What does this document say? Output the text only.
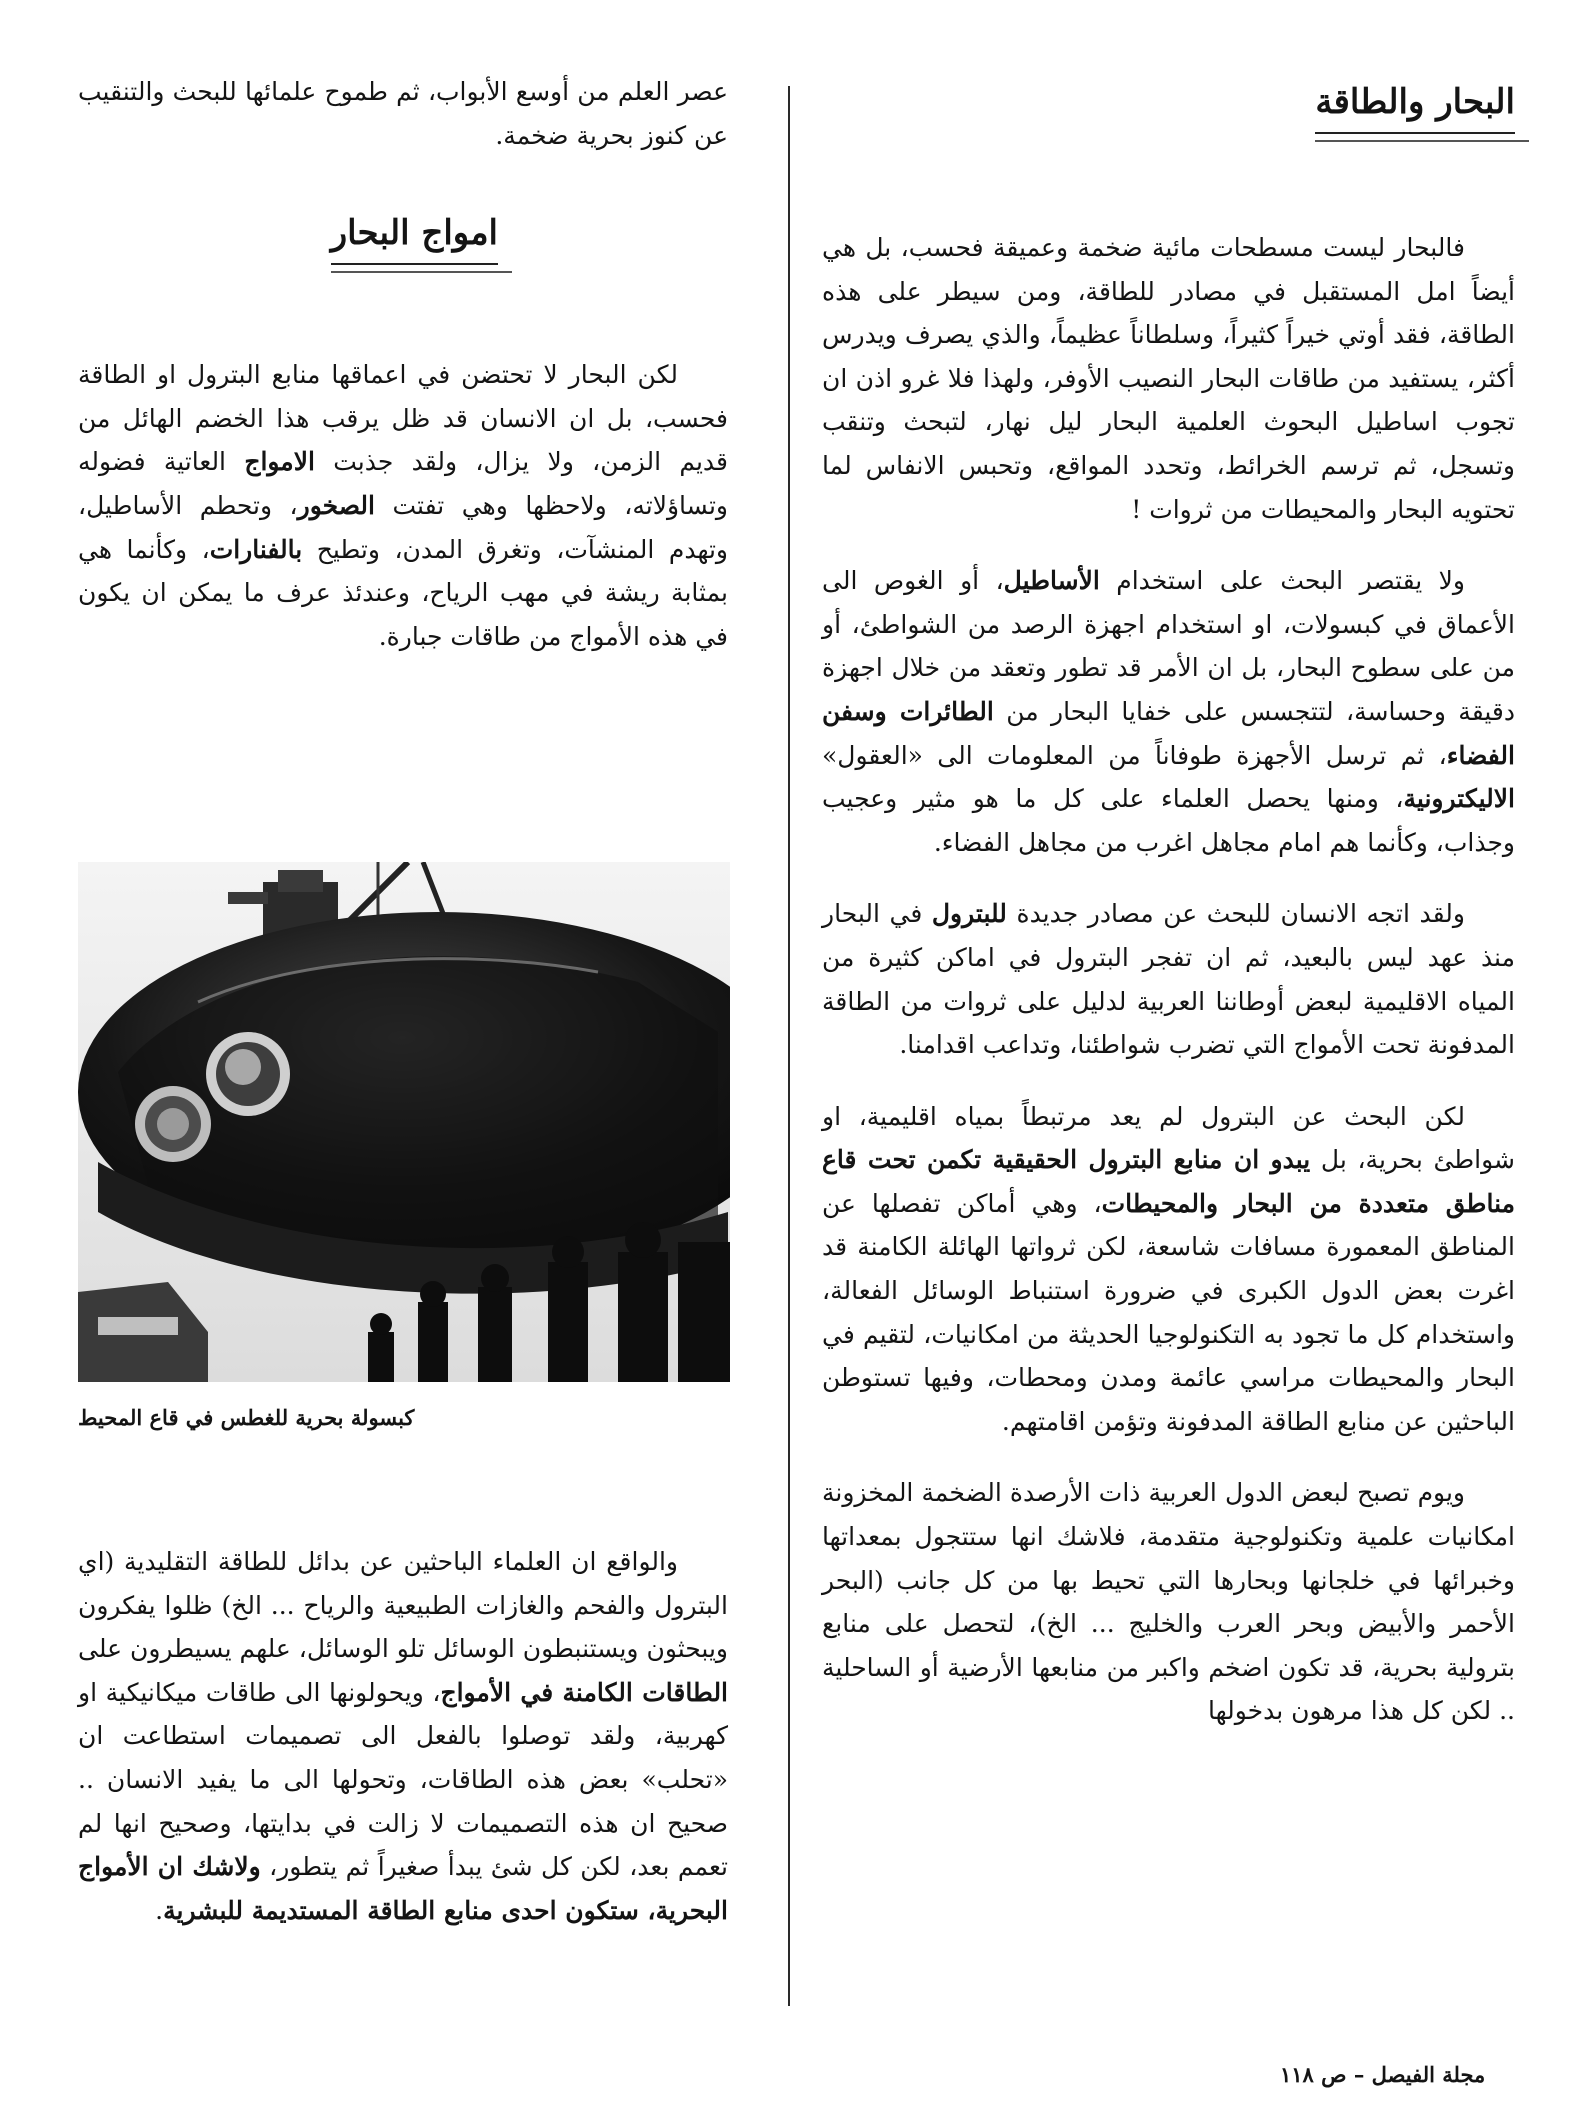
البحار والطاقة

فالبحار ليست مسطحات مائية ضخمة وعميقة فحسب، بل هي أيضاً امل المستقبل في مصادر للطاقة، ومن سيطر على هذه الطاقة، فقد أوتي خيراً كثيراً، وسلطاناً عظيماً، والذي يصرف ويدرس أكثر، يستفيد من طاقات البحار النصيب الأوفر، ولهذا فلا غرو اذن ان تجوب اساطيل البحوث العلمية البحار ليل نهار، لتبحث وتنقب وتسجل، ثم ترسم الخرائط، وتحدد المواقع، وتحبس الانفاس لما تحتويه البحار والمحيطات من ثروات !

ولا يقتصر البحث على استخدام الأساطيل، أو الغوص الى الأعماق في كبسولات، او استخدام اجهزة الرصد من الشواطئ، أو من على سطوح البحار، بل ان الأمر قد تطور وتعقد من خلال اجهزة دقيقة وحساسة، لتتجسس على خفايا البحار من الطائرات وسفن الفضاء، ثم ترسل الأجهزة طوفاناً من المعلومات الى «العقول» الاليكترونية، ومنها يحصل العلماء على كل ما هو مثير وعجيب وجذاب، وكأنما هم امام مجاهل اغرب من مجاهل الفضاء.

ولقد اتجه الانسان للبحث عن مصادر جديدة للبترول في البحار منذ عهد ليس بالبعيد، ثم ان تفجر البترول في اماكن كثيرة من المياه الاقليمية لبعض أوطاننا العربية لدليل على ثروات من الطاقة المدفونة تحت الأمواج التي تضرب شواطئنا، وتداعب اقدامنا.

لكن البحث عن البترول لم يعد مرتبطاً بمياه اقليمية، او شواطئ بحرية، بل يبدو ان منابع البترول الحقيقية تكمن تحت قاع مناطق متعددة من البحار والمحيطات، وهي أماكن تفصلها عن المناطق المعمورة مسافات شاسعة، لكن ثرواتها الهائلة الكامنة قد اغرت بعض الدول الكبرى في ضرورة استنباط الوسائل الفعالة، واستخدام كل ما تجود به التكنولوجيا الحديثة من امكانيات، لتقيم في البحار والمحيطات مراسي عائمة ومدن ومحطات، وفيها تستوطن الباحثين عن منابع الطاقة المدفونة وتؤمن اقامتهم.

ويوم تصبح لبعض الدول العربية ذات الأرصدة الضخمة المخزونة امكانيات علمية وتكنولوجية متقدمة، فلاشك انها ستتجول بمعداتها وخبرائها في خلجانها وبحارها التي تحيط بها من كل جانب (البحر الأحمر والأبيض وبحر العرب والخليج ... الخ)، لتحصل على منابع بترولية بحرية، قد تكون اضخم واكبر من منابعها الأرضية أو الساحلية .. لكن كل هذا مرهون بدخولها

عصر العلم من أوسع الأبواب، ثم طموح علمائها للبحث والتنقيب عن كنوز بحرية ضخمة.

امواج البحار

لكن البحار لا تحتضن في اعماقها منابع البترول او الطاقة فحسب، بل ان الانسان قد ظل يرقب هذا الخضم الهائل من قديم الزمن، ولا يزال، ولقد جذبت الامواج العاتية فضوله وتساؤلاته، ولاحظها وهي تفتت الصخور، وتحطم الأساطيل، وتهدم المنشآت، وتغرق المدن، وتطيح بالفنارات، وكأنما هي بمثابة ريشة في مهب الرياح، وعندئذ عرف ما يمكن ان يكون في هذه الأمواج من طاقات جبارة.

كبسولة بحرية للغطس في قاع المحيط

والواقع ان العلماء الباحثين عن بدائل للطاقة التقليدية (اي البترول والفحم والغازات الطبيعية والرياح ... الخ) ظلوا يفكرون ويبحثون ويستنبطون الوسائل تلو الوسائل، علهم يسيطرون على الطاقات الكامنة في الأمواج، ويحولونها الى طاقات ميكانيكية او كهربية، ولقد توصلوا بالفعل الى تصميمات استطاعت ان «تحلب» بعض هذه الطاقات، وتحولها الى ما يفيد الانسان .. صحيح ان هذه التصميمات لا زالت في بدايتها، وصحيح انها لم تعمم بعد، لكن كل شئ يبدأ صغيراً ثم يتطور، ولاشك ان الأمواج البحرية، ستكون احدى منابع الطاقة المستديمة للبشرية.

مجلة الفيصل – ص ١١٨
